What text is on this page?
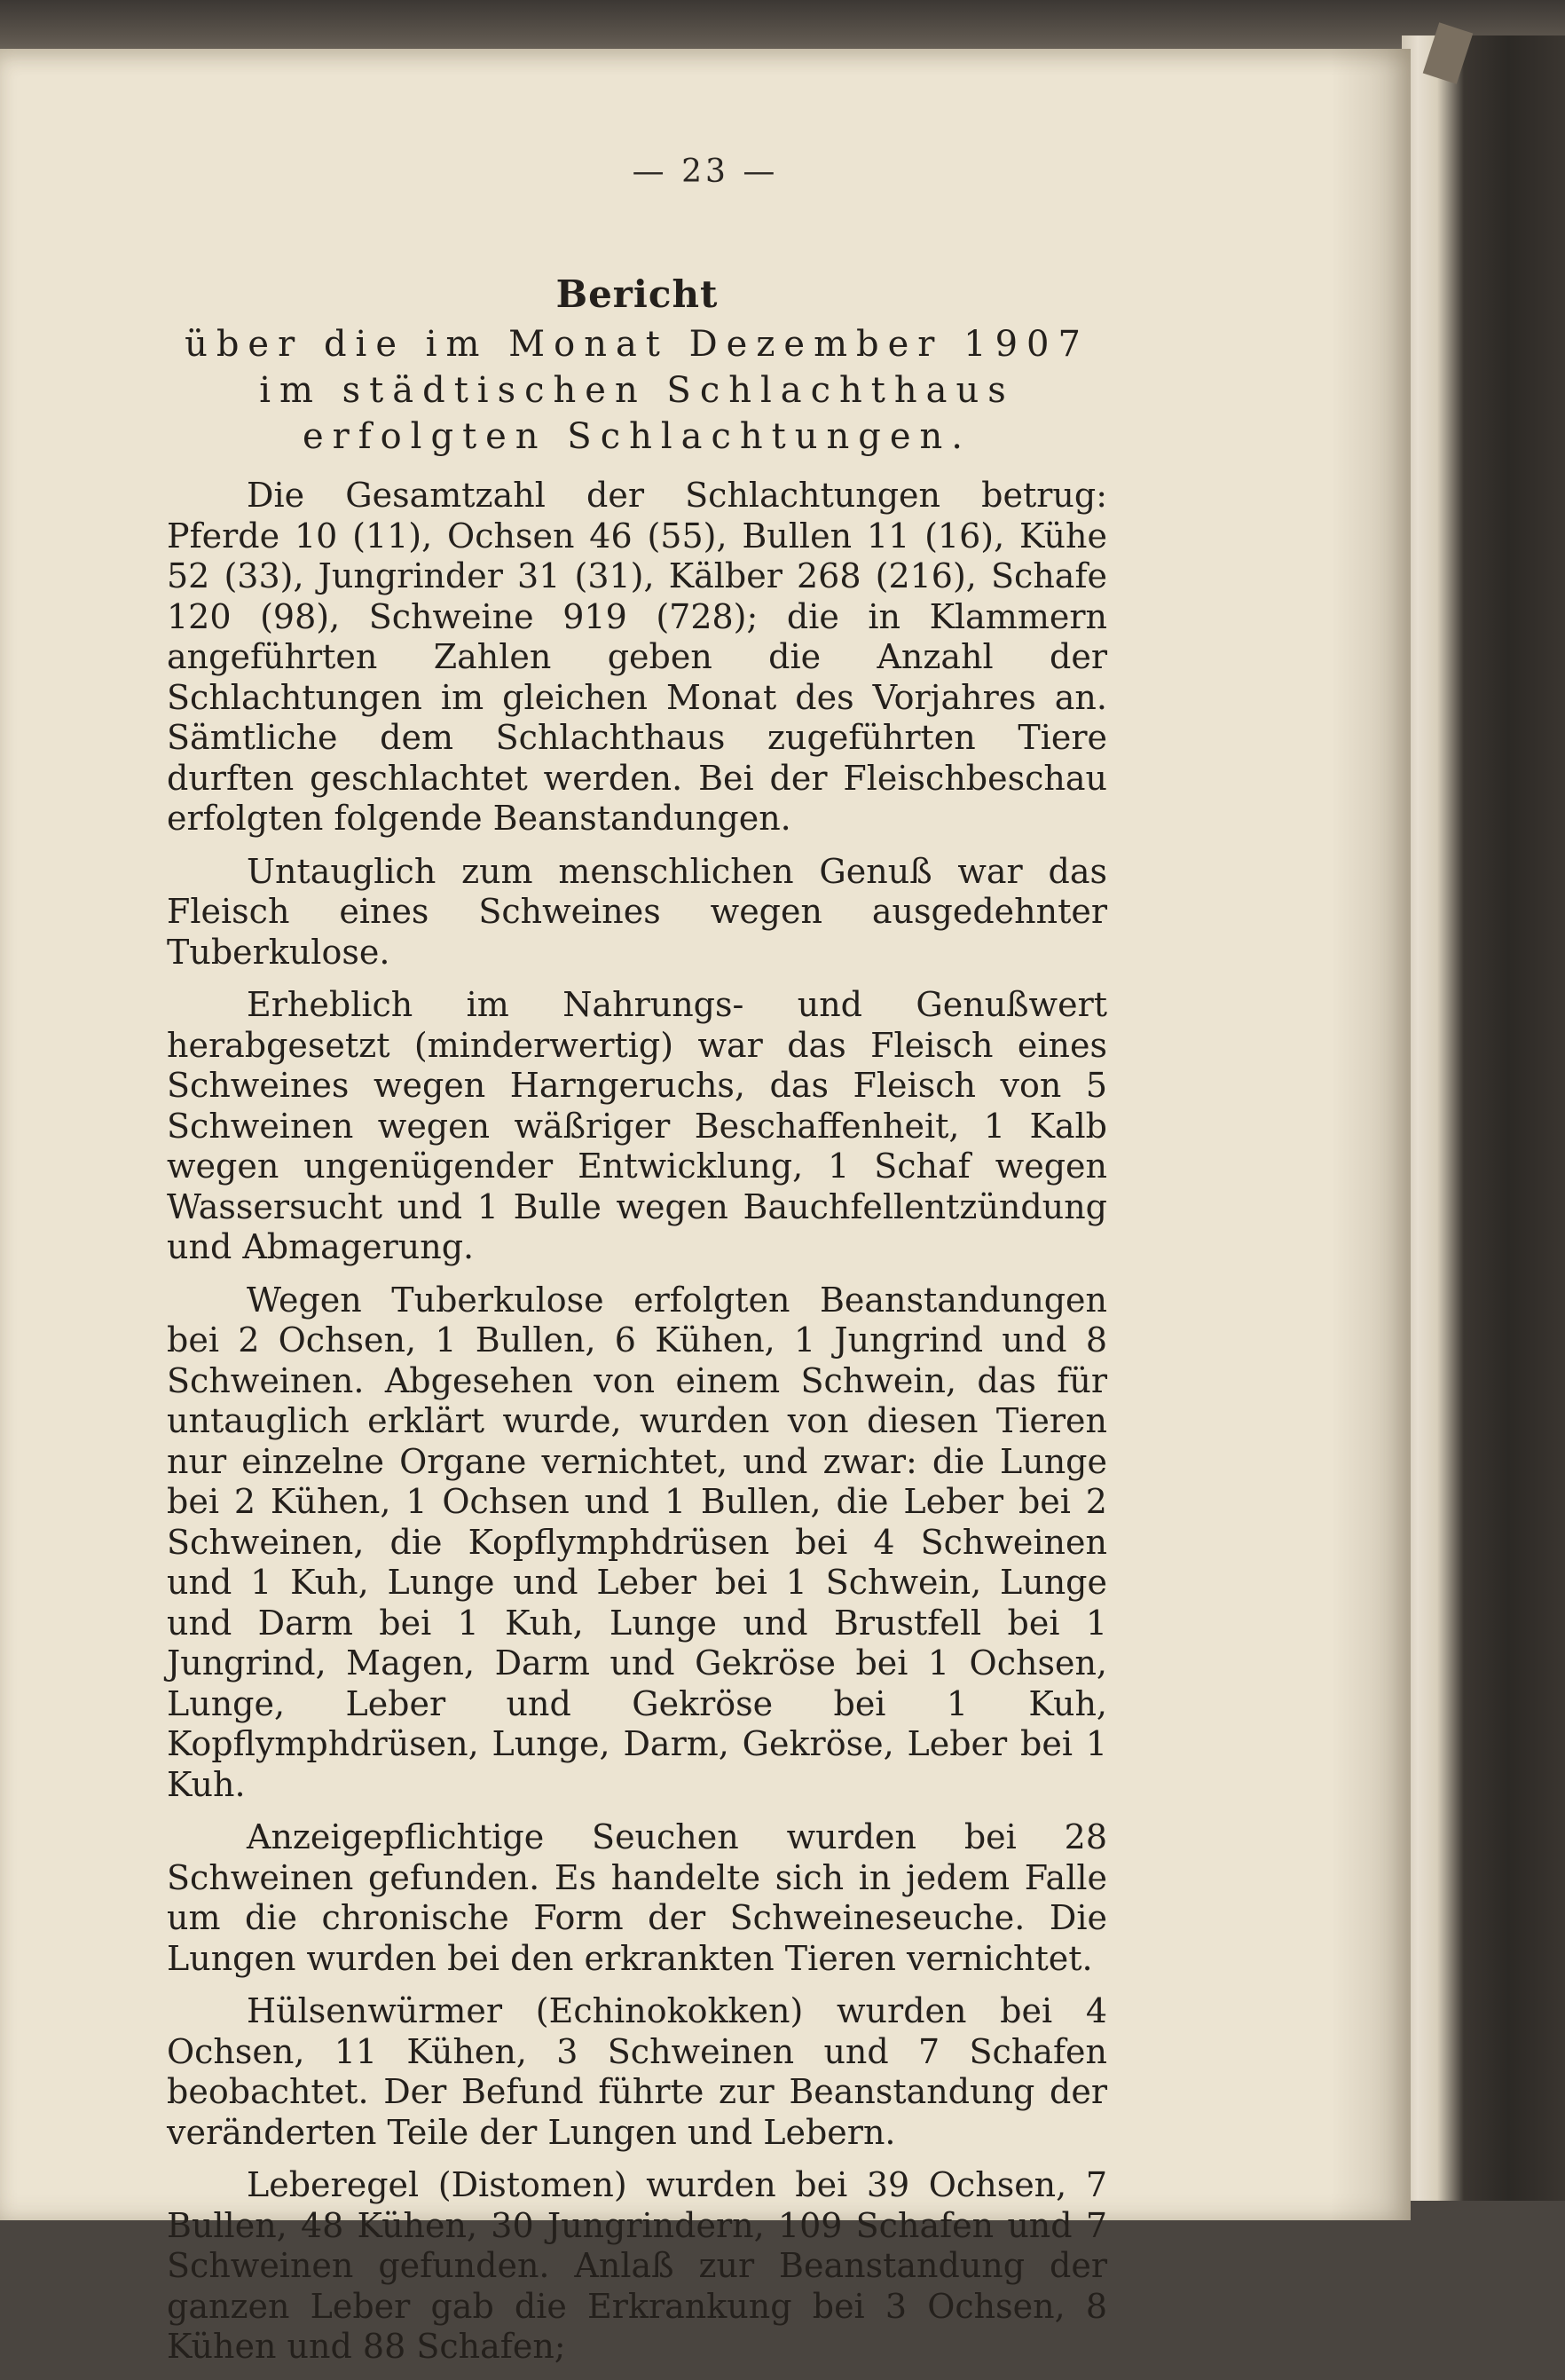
— 23 —
Bericht
über die im Monat Dezember 1907 im städtischen Schlachthaus erfolgten Schlachtungen.

Die Gesamtzahl der Schlachtungen betrug: Pferde 10 (11), Ochsen 46 (55), Bullen 11 (16), Kühe 52 (33), Jungrinder 31 (31), Kälber 268 (216), Schafe 120 (98), Schweine 919 (728); die in Klammern angeführten Zahlen geben die Anzahl der Schlachtungen im gleichen Monat des Vorjahres an. Sämtliche dem Schlachthaus zugeführten Tiere durften geschlachtet werden. Bei der Fleischbeschau erfolgten folgende Beanstandungen.

Untauglich zum menschlichen Genuß war das Fleisch eines Schweines wegen ausgedehnter Tuberkulose.

Erheblich im Nahrungs- und Genußwert herabgesetzt (minderwertig) war das Fleisch eines Schweines wegen Harngeruchs, das Fleisch von 5 Schweinen wegen wäßriger Beschaffenheit, 1 Kalb wegen ungenügender Entwicklung, 1 Schaf wegen Wassersucht und 1 Bulle wegen Bauchfellentzündung und Abmagerung.

Wegen Tuberkulose erfolgten Beanstandungen bei 2 Ochsen, 1 Bullen, 6 Kühen, 1 Jungrind und 8 Schweinen. Abgesehen von einem Schwein, das für untauglich erklärt wurde, wurden von diesen Tieren nur einzelne Organe vernichtet, und zwar: die Lunge bei 2 Kühen, 1 Ochsen und 1 Bullen, die Leber bei 2 Schweinen, die Kopflymphdrüsen bei 4 Schweinen und 1 Kuh, Lunge und Leber bei 1 Schwein, Lunge und Darm bei 1 Kuh, Lunge und Brustfell bei 1 Jungrind, Magen, Darm und Gekröse bei 1 Ochsen, Lunge, Leber und Gekröse bei 1 Kuh, Kopflymphdrüsen, Lunge, Darm, Gekröse, Leber bei 1 Kuh.

Anzeigepflichtige Seuchen wurden bei 28 Schweinen gefunden. Es handelte sich in jedem Falle um die chronische Form der Schweineseuche. Die Lungen wurden bei den erkrankten Tieren vernichtet.

Hülsenwürmer (Echinokokken) wurden bei 4 Ochsen, 11 Kühen, 3 Schweinen und 7 Schafen beobachtet. Der Befund führte zur Beanstandung der veränderten Teile der Lungen und Lebern.

Leberegel (Distomen) wurden bei 39 Ochsen, 7 Bullen, 48 Kühen, 30 Jungrindern, 109 Schafen und 7 Schweinen gefunden. Anlaß zur Beanstandung der ganzen Leber gab die Erkrankung bei 3 Ochsen, 8 Kühen und 88 Schafen;
